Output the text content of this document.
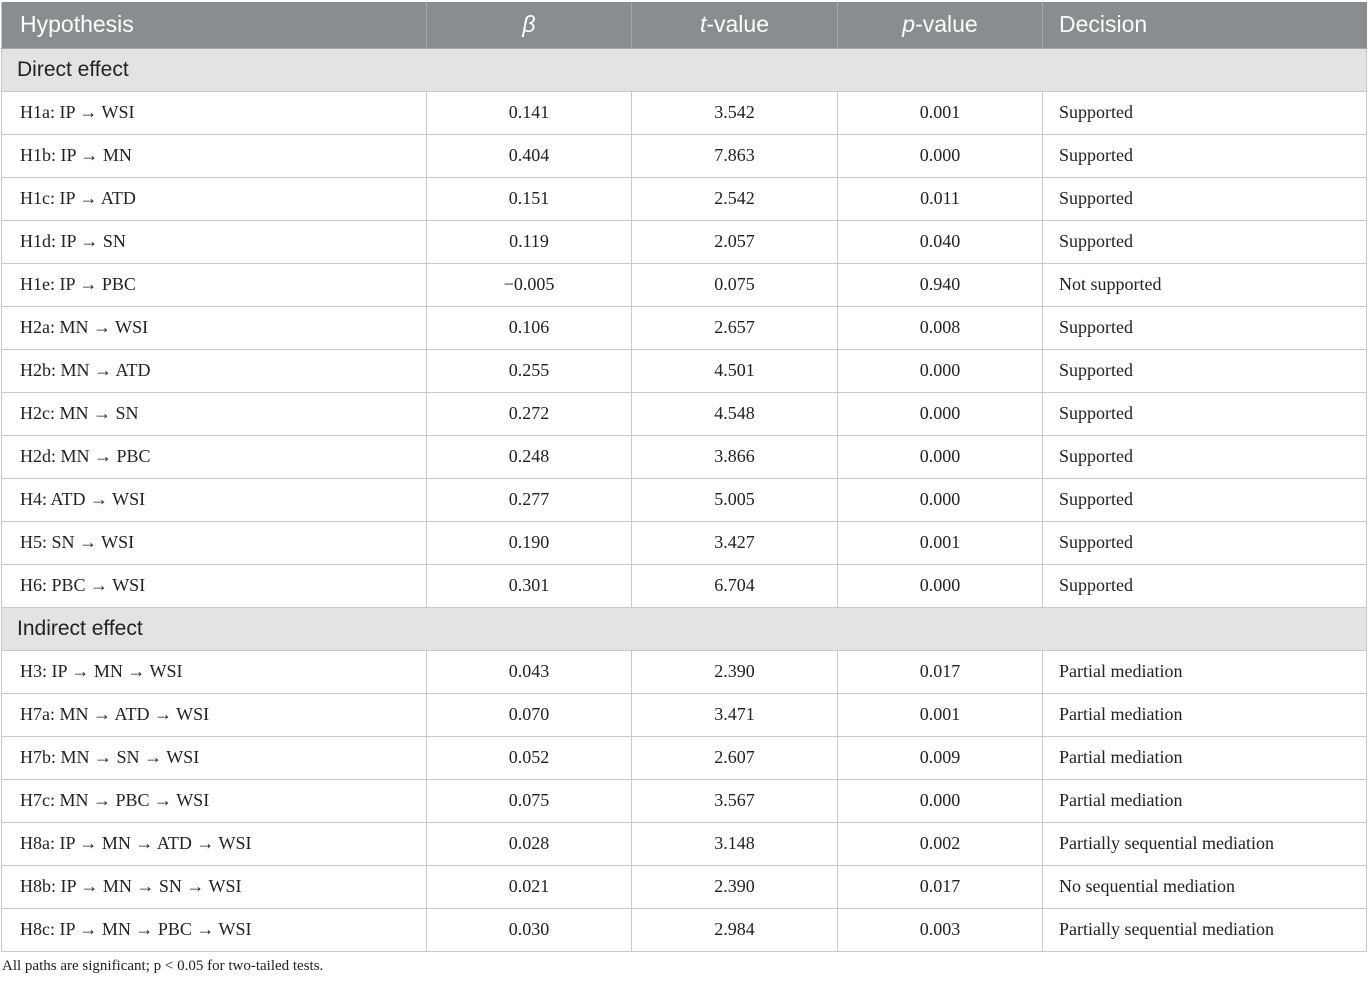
Hypothesis	β	t-value	p-value	Decision
Direct effect				
H1a: IP → WSI	0.141	3.542	0.001	Supported
H1b: IP → MN	0.404	7.863	0.000	Supported
H1c: IP → ATD	0.151	2.542	0.011	Supported
H1d: IP → SN	0.119	2.057	0.040	Supported
H1e: IP → PBC	−0.005	0.075	0.940	Not supported
H2a: MN → WSI	0.106	2.657	0.008	Supported
H2b: MN → ATD	0.255	4.501	0.000	Supported
H2c: MN → SN	0.272	4.548	0.000	Supported
H2d: MN → PBC	0.248	3.866	0.000	Supported
H4: ATD → WSI	0.277	5.005	0.000	Supported
H5: SN → WSI	0.190	3.427	0.001	Supported
H6: PBC → WSI	0.301	6.704	0.000	Supported
Indirect effect				
H3: IP → MN → WSI	0.043	2.390	0.017	Partial mediation
H7a: MN → ATD → WSI	0.070	3.471	0.001	Partial mediation
H7b: MN → SN → WSI	0.052	2.607	0.009	Partial mediation
H7c: MN → PBC → WSI	0.075	3.567	0.000	Partial mediation
H8a: IP → MN → ATD → WSI	0.028	3.148	0.002	Partially sequential mediation
H8b: IP → MN → SN → WSI	0.021	2.390	0.017	No sequential mediation
H8c: IP → MN → PBC → WSI	0.030	2.984	0.003	Partially sequential mediation
All paths are significant; p < 0.05 for two-tailed tests.
